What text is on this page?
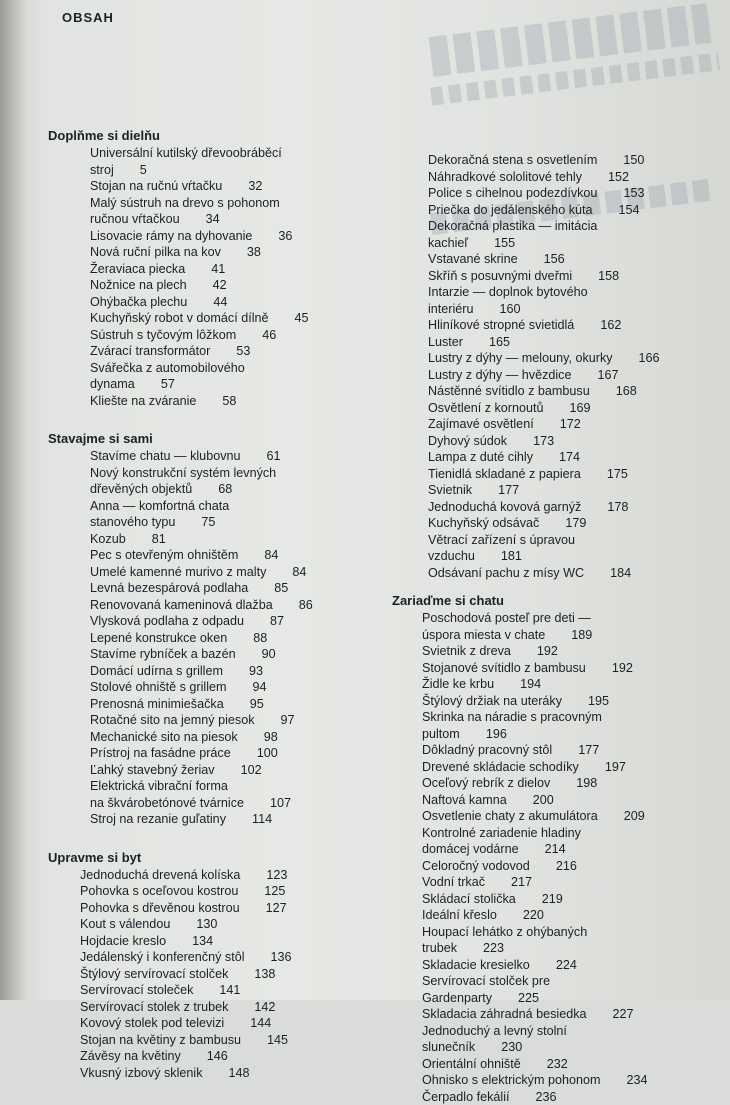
OBSAH
Doplňme si dielňu
Universální kutilský dřevoobráběcí
stroj 5
Stojan na ručnú vŕtačku 32
Malý sústruh na drevo s pohonom
ručnou vŕtačkou 34
Lisovacie rámy na dyhovanie 36
Nová ruční pilka na kov 38
Žeraviaca piecka 41
Nožnice na plech 42
Ohýbačka plechu 44
Kuchyňský robot v domácí dílně 45
Sústruh s tyčovým lôžkom 46
Zvárací transformátor 53
Svářečka z automobilového
dynama 57
Kliešte na zváranie 58
Stavajme si sami
Stavíme chatu — klubovnu 61
Nový konstrukční systém levných
dřevěných objektů 68
Anna — komfortná chata
stanového typu 75
Kozub 81
Pec s otevřeným ohništěm 84
Umelé kamenné murivo z malty 84
Levná bezespárová podlaha 85
Renovovaná kameninová dlažba 86
Vlysková podlaha z odpadu 87
Lepené konstrukce oken 88
Stavíme rybníček a bazén 90
Domácí udírna s grillem 93
Stolové ohniště s grillem 94
Prenosná minimiešačka 95
Rotačné sito na jemný piesok 97
Mechanické sito na piesok 98
Prístroj na fasádne práce 100
Ľahký stavebný žeriav 102
Elektrická vibrační forma
na škvárobetónové tvárnice 107
Stroj na rezanie guľatiny 114
Upravme si byt
Jednoduchá drevená kolíska 123
Pohovka s oceľovou kostrou 125
Pohovka s dřevěnou kostrou 127
Kout s válendou 130
Hojdacie kreslo 134
Jedálenský i konferenčný stôl 136
Štýlový servírovací stolček 138
Servírovací stoleček 141
Servírovací stolek z trubek 142
Kovový stolek pod televizi 144
Stojan na květiny z bambusu 145
Závěsy na květiny 146
Vkusný izbový sklenik 148
Dekoračná stena s osvetlením 150
Náhradkové sololitové tehly 152
Police s cihelnou podezdívkou 153
Priečka do jedálenského kúta 154
Dekoračná plastika — imitácia
kachieľ 155
Vstavané skrine 156
Skříň s posuvnými dveřmi 158
Intarzie — doplnok bytového
interiéru 160
Hliníkové stropné svietidlá 162
Luster 165
Lustry z dýhy — melouny, okurky 166
Lustry z dýhy — hvězdice 167
Nástěnné svítidlo z bambusu 168
Osvětlení z kornoutů 169
Zajímavé osvětlení 172
Dyhový súdok 173
Lampa z duté cihly 174
Tienidlá skladané z papiera 175
Svietnik 177
Jednoduchá kovová garnýž 178
Kuchyňský odsávač 179
Větrací zařízení s úpravou
vzduchu 181
Odsávaní pachu z mísy WC 184
Zariaďme si chatu
Poschodová posteľ pre deti —
úspora miesta v chate 189
Svietnik z dreva 192
Stojanové svítidlo z bambusu 192
Židle ke krbu 194
Štýlový držiak na uteráky 195
Skrinka na náradie s pracovným
pultom 196
Dôkladný pracovný stôl 177
Drevené skládacie schodíky 197
Oceľový rebrík z dielov 198
Naftová kamna 200
Osvetlenie chaty z akumulátora 209
Kontrolné zariadenie hladiny
domácej vodárne 214
Celoročný vodovod 216
Vodní trkač 217
Skládací stolička 219
Ideální křeslo 220
Houpací lehátko z ohýbaných
trubek 223
Skladacie kresielko 224
Servírovací stolček pre
Gardenparty 225
Skladacia záhradná besiedka 227
Jednoduchý a levný stolní
slunečník 230
Orientální ohniště 232
Ohnisko s elektrickým pohonom 234
Čerpadlo fekálií 236
